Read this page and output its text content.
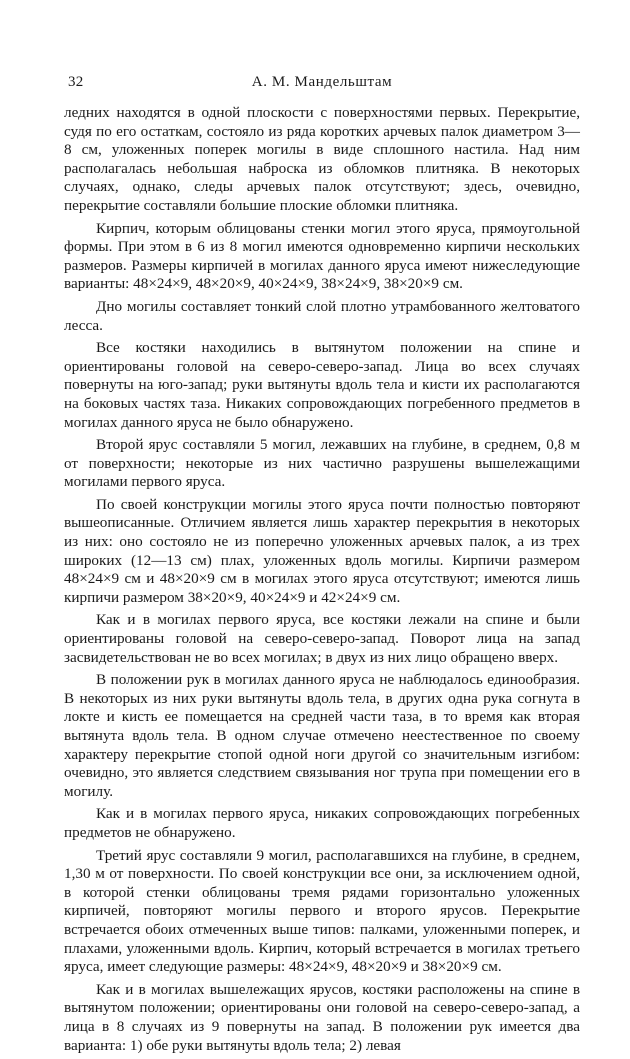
32	А. М. Мандельштам

ледних находятся в одной плоскости с поверхностями первых. Перекрытие, судя по его остаткам, состояло из ряда коротких арчевых палок диаметром 3—8 см, уложенных поперек могилы в виде сплошного настила. Над ним располагалась небольшая наброска из обломков плитняка. В некоторых случаях, однако, следы арчевых палок отсутствуют; здесь, очевидно, перекрытие составляли большие плоские обломки плитняка.

Кирпич, которым облицованы стенки могил этого яруса, прямоугольной формы. При этом в 6 из 8 могил имеются одновременно кирпичи нескольких размеров. Размеры кирпичей в могилах данного яруса имеют нижеследующие варианты: 48×24×9, 48×20×9, 40×24×9, 38×24×9, 38×20×9 см.

Дно могилы составляет тонкий слой плотно утрамбованного желтоватого лесса.

Все костяки находились в вытянутом положении на спине и ориентированы головой на северо-северо-запад. Лица во всех случаях повернуты на юго-запад; руки вытянуты вдоль тела и кисти их располагаются на боковых частях таза. Никаких сопровождающих погребенного предметов в могилах данного яруса не было обнаружено.

Второй ярус составляли 5 могил, лежавших на глубине, в среднем, 0,8 м от поверхности; некоторые из них частично разрушены вышележащими могилами первого яруса.

По своей конструкции могилы этого яруса почти полностью повторяют вышеописанные. Отличием является лишь характер перекрытия в некоторых из них: оно состояло не из поперечно уложенных арчевых палок, а из трех широких (12—13 см) плах, уложенных вдоль могилы. Кирпичи размером 48×24×9 см и 48×20×9 см в могилах этого яруса отсутствуют; имеются лишь кирпичи размером 38×20×9, 40×24×9 и 42×24×9 см.

Как и в могилах первого яруса, все костяки лежали на спине и были ориентированы головой на северо-северо-запад. Поворот лица на запад засвидетельствован не во всех могилах; в двух из них лицо обращено вверх.

В положении рук в могилах данного яруса не наблюдалось единообразия. В некоторых из них руки вытянуты вдоль тела, в других одна рука согнута в локте и кисть ее помещается на средней части таза, в то время как вторая вытянута вдоль тела. В одном случае отмечено неестественное по своему характеру перекрытие стопой одной ноги другой со значительным изгибом: очевидно, это является следствием связывания ног трупа при помещении его в могилу.

Как и в могилах первого яруса, никаких сопровождающих погребенных предметов не обнаружено.

Третий ярус составляли 9 могил, располагавшихся на глубине, в среднем, 1,30 м от поверхности. По своей конструкции все они, за исключением одной, в которой стенки облицованы тремя рядами горизонтально уложенных кирпичей, повторяют могилы первого и второго ярусов. Перекрытие встречается обоих отмеченных выше типов: палками, уложенными поперек, и плахами, уложенными вдоль. Кирпич, который встречается в могилах третьего яруса, имеет следующие размеры: 48×24×9, 48×20×9 и 38×20×9 см.

Как и в могилах вышележащих ярусов, костяки расположены на спине в вытянутом положении; ориентированы они головой на северо-северо-запад, а лица в 8 случаях из 9 повернуты на запад. В положении рук имеется два варианта: 1) обе руки вытянуты вдоль тела; 2) левая
